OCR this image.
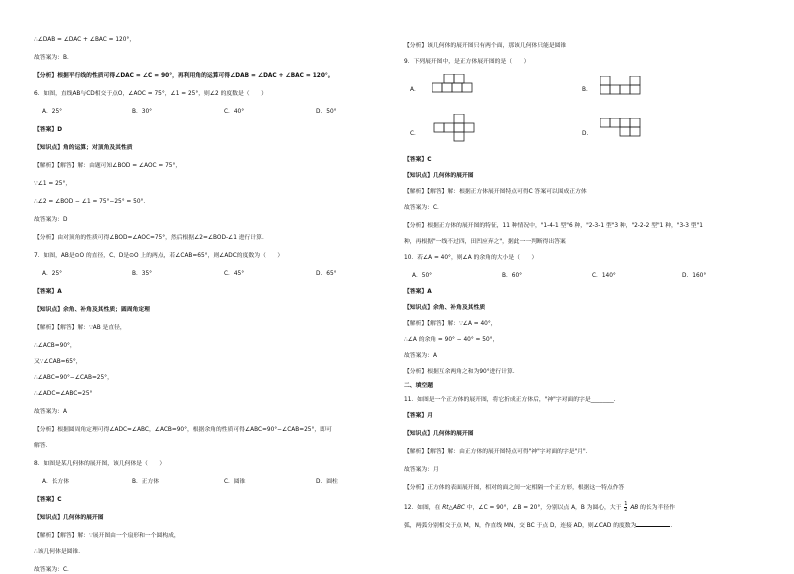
∴∠DAB = ∠DAC + ∠BAC = 120°，
故答案为：B．
【分析】根据平行线的性质可得∠DAC = ∠C = 90°，再利用角的运算可得∠DAB = ∠DAC + ∠BAC = 120°。
6．如图，直线AB与CD相交于点O，∠AOC = 75°，∠1 = 25°，则∠2 的度数是（　　）
A．25°	B．30°	C．40°	D．50°
【答案】D
【知识点】角的运算；对顶角及其性质
【解析】【解答】解：由题可知∠BOD = ∠AOC = 75°，
∵∠1 = 25°，
∴∠2 = ∠BOD − ∠1 = 75°−25° = 50°．
故答案为：D
【分析】由对顶角的性质可得∠BOD=∠AOC=75°，然后根据∠2=∠BOD-∠1 进行计算．
7．如图，AB是⊙O 的直径，C、D是⊙O 上的两点，若∠CAB=65°，则∠ADC的度数为（　　）
A．25°	B．35°	C．45°	D．65°
【答案】A
【知识点】余角、补角及其性质；圆周角定理
【解析】【解答】解：∵AB 是直径，
∴∠ACB=90°，
又∵∠CAB=65°，
∴∠ABC=90°−∠CAB=25°，
∴∠ADC=∠ABC=25°
故答案为：A
【分析】根据圆周角定理可得∠ADC=∠ABC，∠ACB=90°，根据余角的性质可得∠ABC=90°−∠CAB=25°，即可
解答．
8．如图是某几何体的展开图，该几何体是（　　）
A．长方体	B．正方体	C．圆锥	D．圆柱
【答案】C
【知识点】几何体的展开图
【解析】【解答】解：∵展开图由一个扇形和一个圆构成，
∴该几何体是圆锥．
故答案为：C．
【分析】该几何体的展开图只有两个面，那该几何体只能是圆锥
9．下列展开图中，是正方体展开图的是（　　）
A．	B．
C．	D．
【答案】C
【知识点】几何体的展开图
【解析】【解答】解：根据正方体展开图特点可得C 答案可以围成正方体
故答案为：C．
【分析】根据正方体的展开图的特征，11 种情况中，"1-4-1 型"6 种，"2-3-1 型"3 种，"2-2-2 型"1 种，"3-3 型"1
种，再根据"一线不过四，田凹应弃之"，据此一一判断得出答案
10．若∠A = 40°，则∠A 的余角的大小是（　　）
A．50°	B．60°	C．140°	D．160°
【答案】A
【知识点】余角、补角及其性质
【解析】【解答】解：∵∠A = 40°，
∴∠A 的余角 = 90° − 40° = 50°，
故答案为：A
【分析】根据互余两角之和为90°进行计算．
二、填空题
11．如图是一个正方体的展开图，将它折成正方体后，"神"字对面的字是________．
【答案】月
【知识点】几何体的展开图
【解析】【解答】解：由正方体的展开图特点可得"神"字对面的字是"月"．
故答案为：月
【分析】正方体的表面展开图，相对的面之间一定相隔一个正方形，根据这一特点作答
12．如图，在 Rt△ABC 中，∠C = 90°，∠B = 20°，分别以点 A，B 为圆心，大于 $\frac{1}{2}$ AB 的长为半径作
弧，两弧分别相交于点 M，N，作直线 MN，交 BC 于点 D，连接 AD，则∠CAD 的度数为	．
